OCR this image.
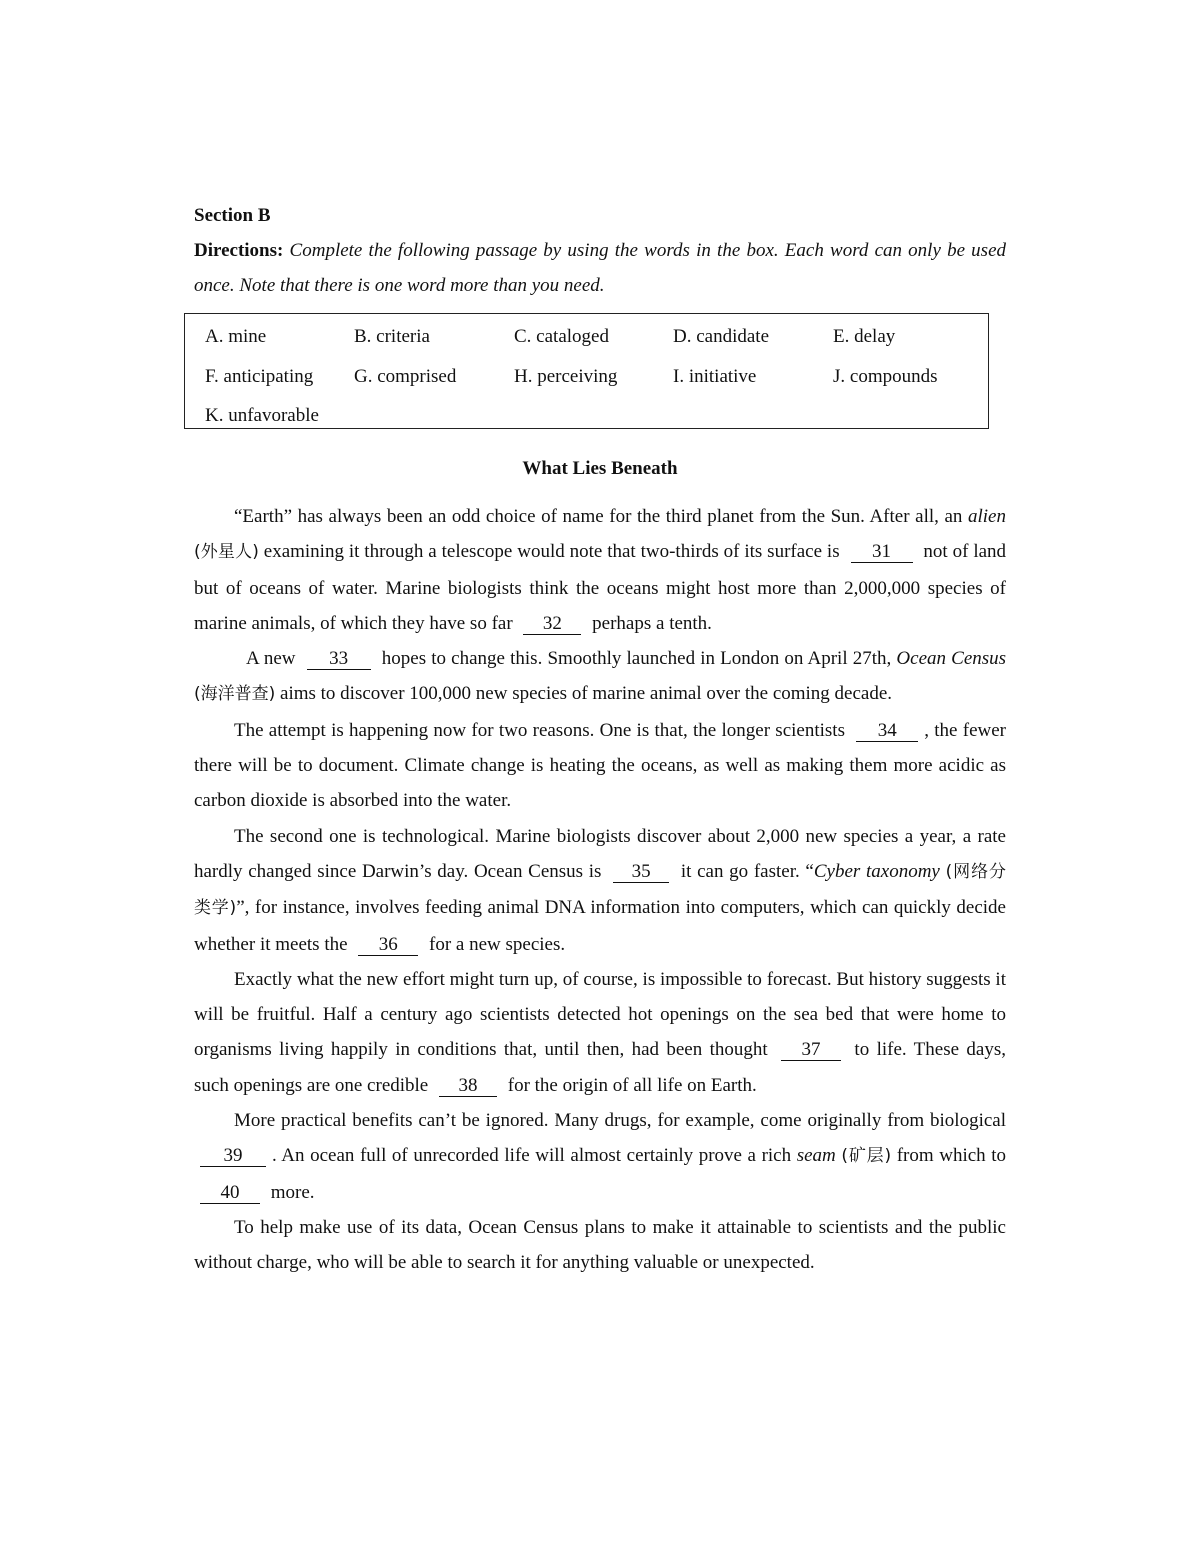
Section B
Directions: Complete the following passage by using the words in the box. Each word can only be used once. Note that there is one word more than you need.
A. mine	B. criteria	C. cataloged	D. candidate	E. delay
F. anticipating G. comprised	H. perceiving	I. initiative	J. compounds
K. unfavorable
What Lies Beneath

“Earth” has always been an odd choice of name for the third planet from the Sun. After all, an alien (外星人) examining it through a telescope would note that two-thirds of its surface is 31 not of land but of oceans of water. Marine biologists think the oceans might host more than 2,000,000 species of marine animals, of which they have so far 32 perhaps a tenth.

A new 33 hopes to change this. Smoothly launched in London on April 27th, Ocean Census (海洋普查) aims to discover 100,000 new species of marine animal over the coming decade.

The attempt is happening now for two reasons. One is that, the longer scientists 34 , the fewer there will be to document. Climate change is heating the oceans, as well as making them more acidic as carbon dioxide is absorbed into the water.

The second one is technological. Marine biologists discover about 2,000 new species a year, a rate hardly changed since Darwin’s day. Ocean Census is 35 it can go faster. “Cyber taxonomy (网络分类学)”, for instance, involves feeding animal DNA information into computers, which can quickly decide whether it meets the 36 for a new species.

Exactly what the new effort might turn up, of course, is impossible to forecast. But history suggests it will be fruitful. Half a century ago scientists detected hot openings on the sea bed that were home to organisms living happily in conditions that, until then, had been thought 37 to life. These days, such openings are one credible 38 for the origin of all life on Earth.

More practical benefits can’t be ignored. Many drugs, for example, come originally from biological 39 . An ocean full of unrecorded life will almost certainly prove a rich seam (矿层) from which to 40 more.

To help make use of its data, Ocean Census plans to make it attainable to scientists and the public without charge, who will be able to search it for anything valuable or unexpected.
